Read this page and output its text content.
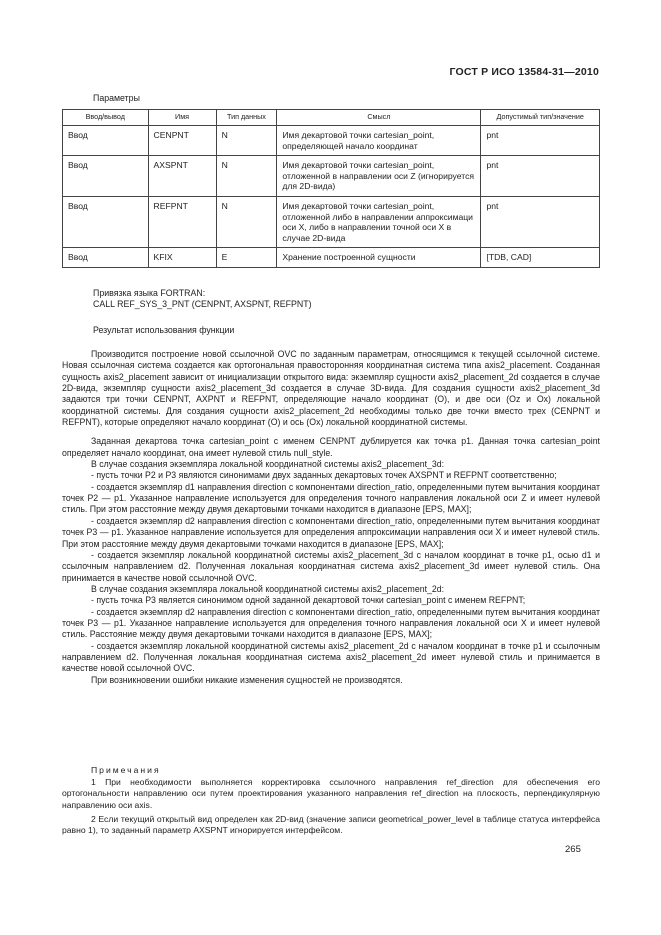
ГОСТ Р ИСО 13584-31—2010
Параметры
Ввод/вывод	Имя	Тип данных	Смысл	Допустимый тип/значение
Ввод	CENPNT	N	Имя декартовой точки cartesian_point, определяющей начало координат	pnt
Ввод	AXSPNT	N	Имя декартовой точки cartesian_point, отложенной в направлении оси Z (игнорируется для 2D-вида)	pnt
Ввод	REFPNT	N	Имя декартовой точки cartesian_point, отложенной либо в направлении аппроксимаци оси X, либо в направлении точной оси X в случае 2D-вида	pnt
Ввод	KFIX	E	Хранение построенной сущности	[TDB, CAD]
Привязка языка FORTRAN:
CALL REF_SYS_3_PNT (CENPNT, AXSPNT, REFPNT)
Результат использования функции

Производится построение новой ссылочной OVC по заданным параметрам, относящимся к текущей ссылочной системе. Новая ссылочная система создается как ортогональная правосторонняя координатная система типа axis2_placement. Созданная сущность axis2_placement зависит от инициализации открытого вида: экземпляр сущности axis2_placement_2d создается в случае 2D-вида, экземпляр сущности axis2_placement_3d создается в случае 3D-вида. Для создания сущности axis2_placement_3d задаются три точки CENPNT, AXPNT и REFPNT, определяющие начало координат (О), и две оси (Oz и Ox) локальной координатной системы. Для создания сущности axis2_placement_2d необходимы только две точки вместо трех (CENPNT и REFPNT), которые определяют начало координат (О) и ось (Ox) локальной координатной системы.

Заданная декартова точка cartesian_point с именем CENPNT дублируется как точка p1. Данная точка cartesian_point определяет начало координат, она имеет нулевой стиль null_style.

В случае создания экземпляра локальной координатной системы axis2_placement_3d:

- пусть точки P2 и P3 являются синонимами двух заданных декартовых точек AXSPNT и REFPNT соответственно;

- создается экземпляр d1 направления direction с компонентами direction_ratio, определенными путем вычитания координат точек P2 — p1. Указанное направление используется для определения точного направления локальной оси Z и имеет нулевой стиль. При этом расстояние между двумя декартовыми точками находится в диапазоне [EPS, MAX];

- создается экземпляр d2 направления direction с компонентами direction_ratio, определенными путем вычитания координат точек P3 — p1. Указанное направление используется для определения аппроксимации направления оси X и имеет нулевой стиль. При этом расстояние между двумя декартовыми точками находится в диапазоне [EPS, MAX];

- создается экземпляр локальной координатной системы axis2_placement_3d с началом координат в точке p1, осью d1 и ссылочным направлением d2. Полученная локальная координатная система axis2_placement_3d имеет нулевой стиль. Она принимается в качестве новой ссылочной OVC.

В случае создания экземпляра локальной координатной системы axis2_placement_2d:

- пусть точка P3 является синонимом одной заданной декартовой точки cartesian_point с именем REFPNT;

- создается экземпляр d2 направления direction с компонентами direction_ratio, определенными путем вычитания координат точек P3 — p1. Указанное направление используется для определения точного направления локальной оси X и имеет нулевой стиль. Расстояние между двумя декартовыми точками находится в диапазоне [EPS, MAX];

- создается экземпляр локальной координатной системы axis2_placement_2d с началом координат в точке p1 и ссылочным направлением d2. Полученная локальная координатная система axis2_placement_2d имеет нулевой стиль и принимается в качестве новой ссылочной OVC.

При возникновении ошибки никакие изменения сущностей не производятся.

Примечания

1 При необходимости выполняется корректировка ссылочного направления ref_direction для обеспечения его ортогональности направлению оси путем проектирования указанного направления ref_direction на плоскость, перпендикулярную направлению оси axis.

2 Если текущий открытый вид определен как 2D-вид (значение записи geometrical_power_level в таблице статуса интерфейса равно 1), то заданный параметр AXSPNT игнорируется интерфейсом.

265
